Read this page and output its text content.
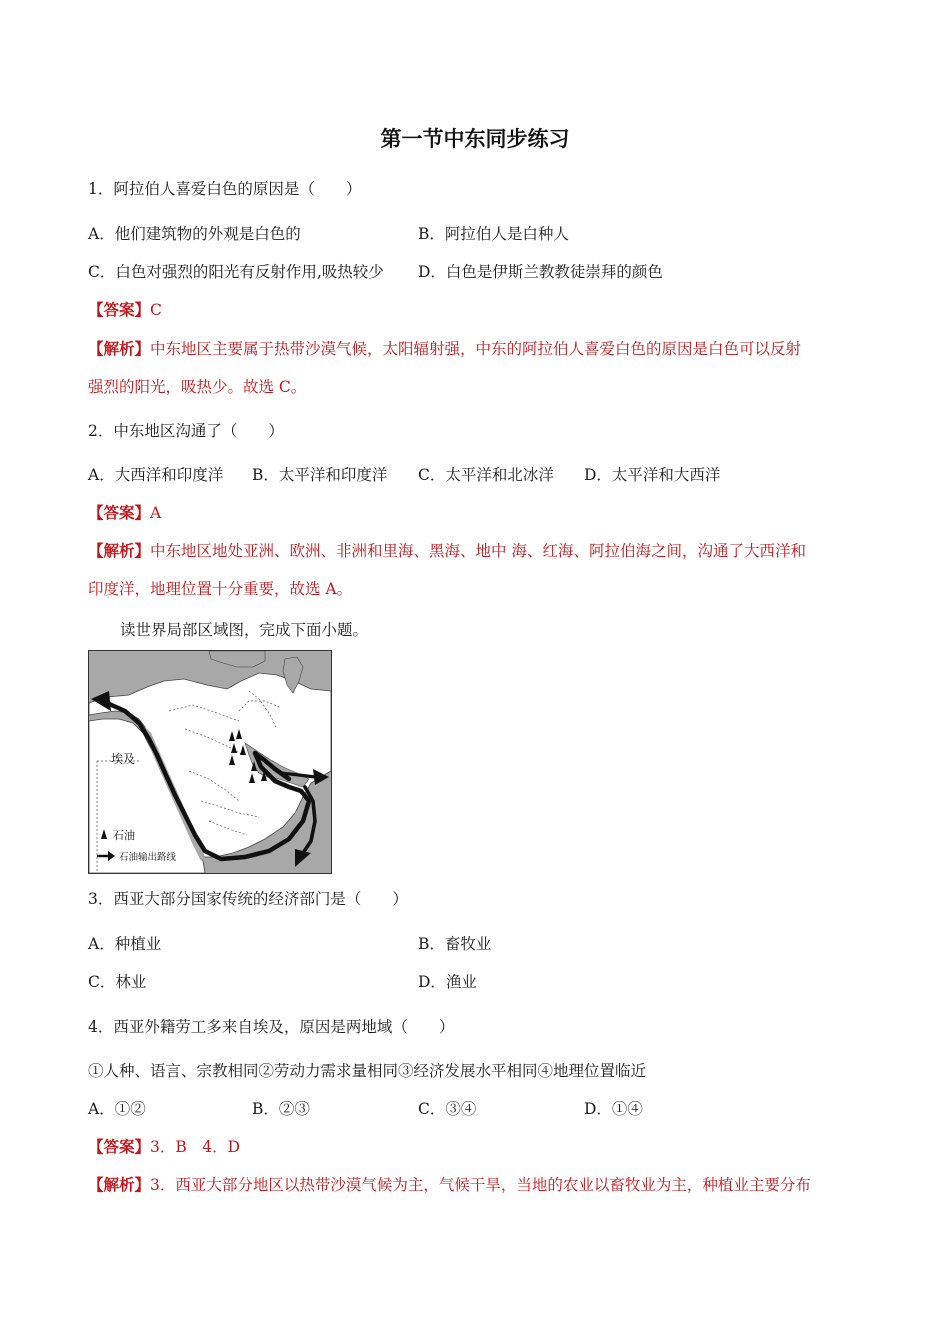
第一节中东同步练习
1．阿拉伯人喜爱白色的原因是（　　）
A．他们建筑物的外观是白色的	B．阿拉伯人是白种人
C．白色对强烈的阳光有反射作用,吸热较少 D．白色是伊斯兰教教徒崇拜的颜色
【答案】C
【解析】中东地区主要属于热带沙漠气候，太阳辐射强，中东的阿拉伯人喜爱白色的原因是白色可以反射
强烈的阳光，吸热少。故选 C。
2．中东地区沟通了（　　）
A．大西洋和印度洋 B．太平洋和印度洋 C．太平洋和北冰洋 D．太平洋和大西洋
【答案】A
【解析】中东地区地处亚洲、欧洲、非洲和里海、黑海、地中 海、红海、阿拉伯海之间，沟通了大西洋和
印度洋，地理位置十分重要，故选 A。
读世界局部区域图，完成下面小题。
埃及
石油
石油输出路线
3．西亚大部分国家传统的经济部门是（　　）
A．种植业	B．畜牧业
C．林业	D．渔业
4．西亚外籍劳工多来自埃及，原因是两地域（　　）
①人种、语言、宗教相同②劳动力需求量相同③经济发展水平相同④地理位置临近
A．①②	B．②③	C．③④	D．①④
【答案】3．B　4．D
【解析】3．西亚大部分地区以热带沙漠气候为主，气候干旱，当地的农业以畜牧业为主，种植业主要分布
